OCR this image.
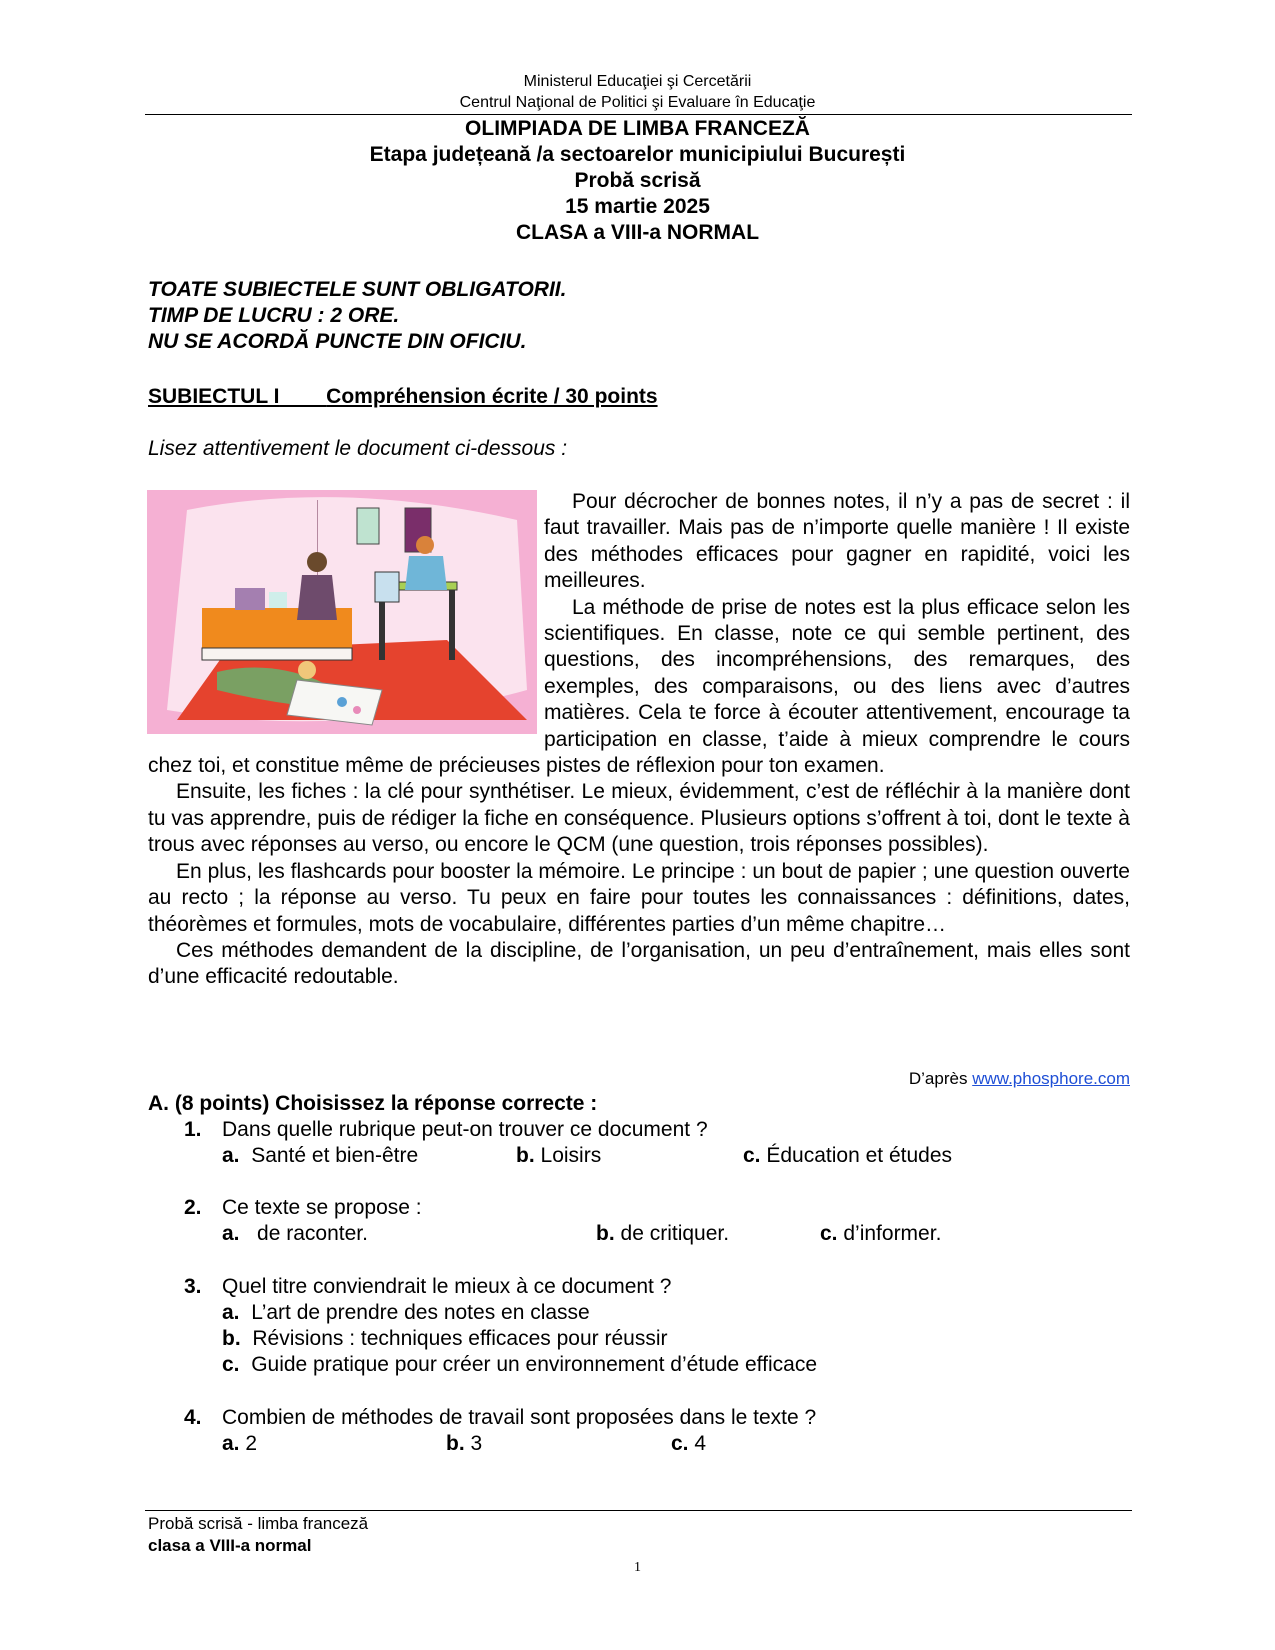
Ministerul Educaţiei şi Cercetării
Centrul Naţional de Politici şi Evaluare în Educaţie
OLIMPIADA DE LIMBA FRANCEZĂ
Etapa județeană /a sectoarelor municipiului București
Probă scrisă
15 martie 2025
CLASA a VIII-a NORMAL
TOATE SUBIECTELE SUNT OBLIGATORII.
TIMP DE LUCRU : 2 ORE.
NU SE ACORDĂ PUNCTE DIN OFICIU.
SUBIECTUL I Compréhension écrite / 30 points
Lisez attentivement le document ci-dessous :

Pour décrocher de bonnes notes, il n’y a pas de secret : il faut travailler. Mais pas de n’importe quelle manière ! Il existe des méthodes efficaces pour gagner en rapidité, voici les meilleures.

La méthode de prise de notes est la plus efficace selon les scientifiques. En classe, note ce qui semble pertinent, des questions, des incompréhensions, des remarques, des exemples, des comparaisons, ou des liens avec d’autres matières. Cela te force à écouter attentivement, encourage ta participation en classe, t’aide à mieux comprendre le cours chez toi, et constitue même de précieuses pistes de réflexion pour ton examen.

Ensuite, les fiches : la clé pour synthétiser. Le mieux, évidemment, c’est de réfléchir à la manière dont tu vas apprendre, puis de rédiger la fiche en conséquence. Plusieurs options s’offrent à toi, dont le texte à trous avec réponses au verso, ou encore le QCM (une question, trois réponses possibles).

En plus, les flashcards pour booster la mémoire. Le principe : un bout de papier ; une question ouverte au recto ; la réponse au verso. Tu peux en faire pour toutes les connaissances : définitions, dates, théorèmes et formules, mots de vocabulaire, différentes parties d’un même chapitre…

Ces méthodes demandent de la discipline, de l’organisation, un peu d’entraînement, mais elles sont d’une efficacité redoutable.

D’après www.phosphore.com
A. (8 points) Choisissez la réponse correcte :
1. Dans quelle rubrique peut-on trouver ce document ?
a. Santé et bien-être	b. Loisirs	c. Éducation et études
2. Ce texte se propose :
a. de raconter.	b. de critiquer.	c. d’informer.
3. Quel titre conviendrait le mieux à ce document ?
a. L’art de prendre des notes en classe
b. Révisions : techniques efficaces pour réussir
c. Guide pratique pour créer un environnement d’étude efficace
4. Combien de méthodes de travail sont proposées dans le texte ?
a. 2	b. 3	c. 4
Probă scrisă - limba franceză
clasa a VIII-a normal
1
